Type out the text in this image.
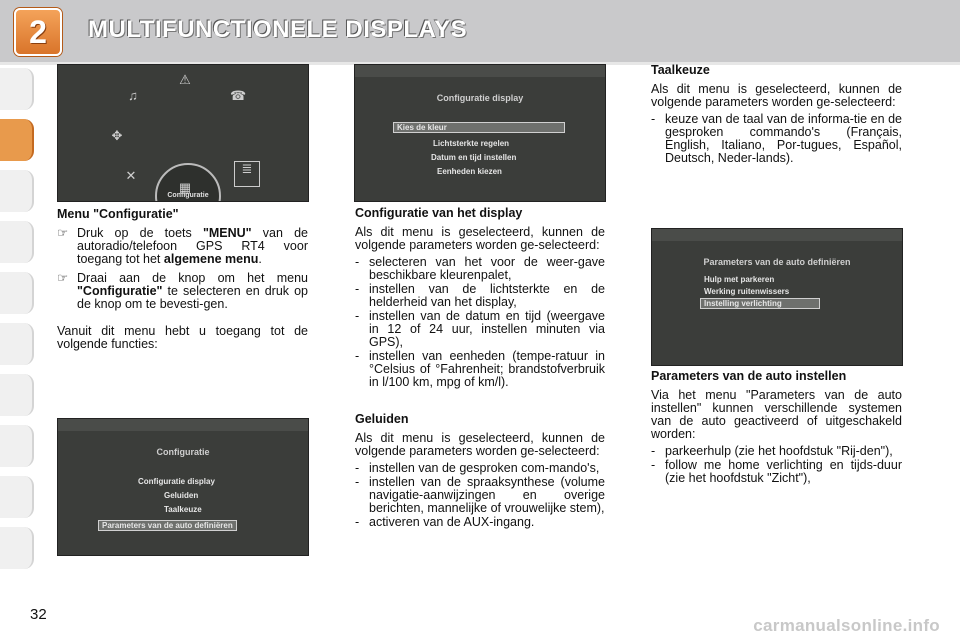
2	MULTIFUNCTIONELE DISPLAYS
Configuratie
⚠
♫	☎
✥
✕
▦
≣
Configuratie display
Kies de kleur
Lichtsterkte regelen
Datum en tijd instellen
Eenheden kiezen
Configuratie
Configuratie display
Geluiden
Taalkeuze
Parameters van de auto definiëren
Parameters van de auto definiëren
Hulp met parkeren
Werking ruitenwissers
Instelling verlichting
Menu "Configuratie"
☞ Druk op de toets "MENU" van de autoradio/telefoon GPS RT4 voor toegang tot het algemene menu.
☞ Draai aan de knop om het menu "Configuratie" te selecteren en druk op de knop om te bevesti-gen.

Vanuit dit menu hebt u toegang tot de volgende functies:

Configuratie van het display

Als dit menu is geselecteerd, kunnen de volgende parameters worden ge-selecteerd:

- selecteren van het voor de weer-gave beschikbare kleurenpalet,
- instellen van de lichtsterkte en de helderheid van het display,
- instellen van de datum en tijd (weergave in 12 of 24 uur, instellen minuten via GPS),
- instellen van eenheden (tempe-ratuur in °Celsius of °Fahrenheit; brandstofverbruik in l/100 km, mpg of km/l).
Geluiden

Als dit menu is geselecteerd, kunnen de volgende parameters worden ge-selecteerd:

- instellen van de gesproken com-mando's,
- instellen van de spraaksynthese (volume navigatie-aanwijzingen en overige berichten, mannelijke of vrouwelijke stem),
- activeren van de AUX-ingang.
Taalkeuze

Als dit menu is geselecteerd, kunnen de volgende parameters worden ge-selecteerd:

- keuze van de taal van de informa-tie en de gesproken commando's (Français, English, Italiano, Por-tugues, Español, Deutsch, Neder-lands).
Parameters van de auto instellen

Via het menu "Parameters van de auto instellen" kunnen verschillende systemen van de auto geactiveerd of uitgeschakeld worden:

- parkeerhulp (zie het hoofdstuk "Rij-den"),
- follow me home verlichting en tijds-duur (zie het hoofdstuk "Zicht"),
32
carmanualsonline.info
